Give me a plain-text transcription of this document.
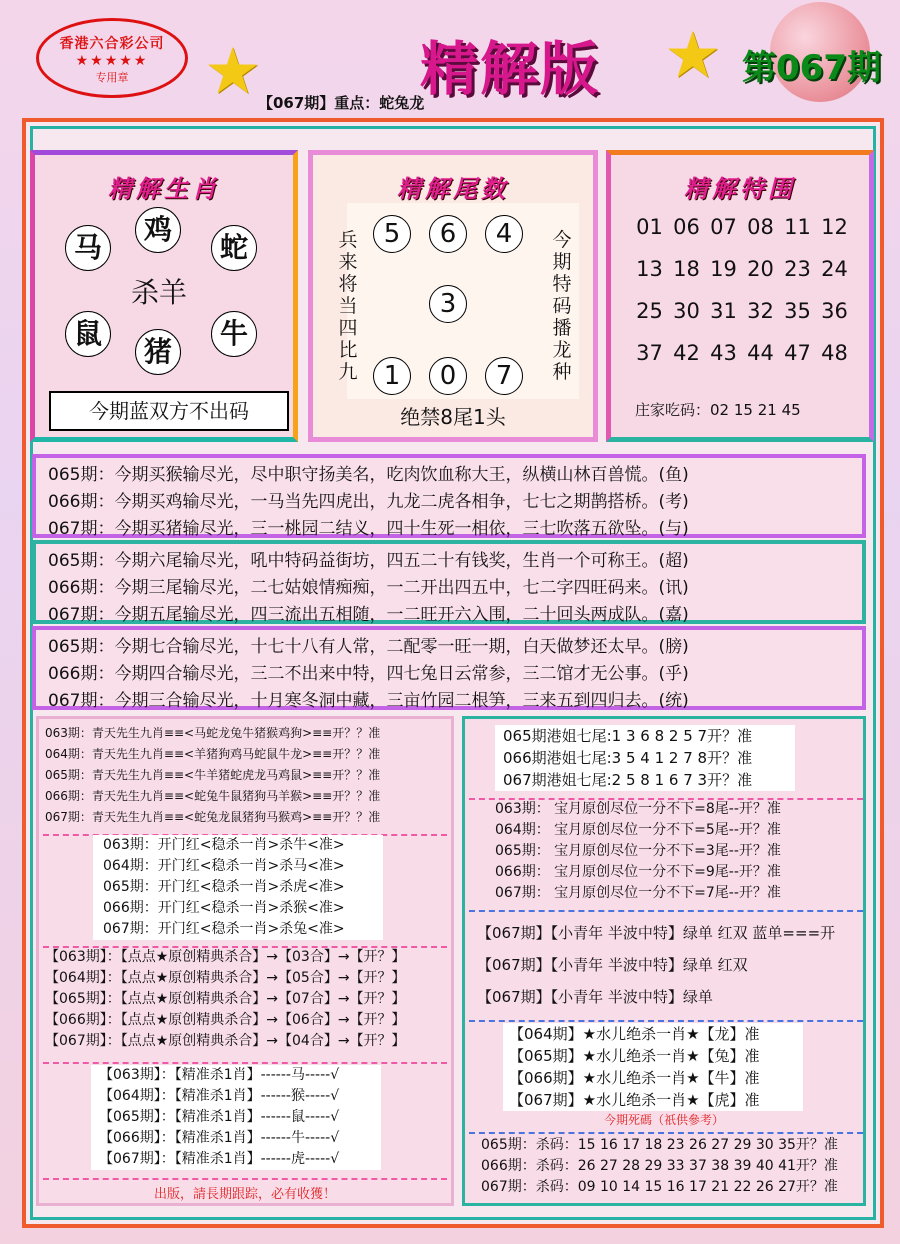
香港六合彩公司
★★★★★
专用章	★	精解版 ★ 第067期
【067期】重点：蛇兔龙
精解生肖
马
鸡
蛇
杀羊
鼠
猪
牛
今期蓝双方不出码
精解尾数
兵来将当四比九
今期特码播龙种
5	6	4
3
1	0	7
绝禁8尾1头
精解特围
01 06 07 08 11 12
13 18 19 20 23 24
25 30 31 32 35 36
37 42 43 44 47 48
庄家吃码：02 15 21 45
065期：今期买猴输尽光，尽中职守扬美名，吃肉饮血称大王，纵横山林百兽慌。(鱼)
066期：今期买鸡输尽光，一马当先四虎出，九龙二虎各相争，七七之期鹊搭桥。(考)
067期：今期买猪输尽光，三一桃园二结义，四十生死一相依，三七吹落五欲坠。(与)
065期：今期六尾输尽光，吼中特码益街坊，四五二十有钱奖，生肖一个可称王。(超)
066期：今期三尾输尽光，二七姑娘情痴痴，一二开出四五中，七二字四旺码来。(讯)
067期：今期五尾输尽光，四三流出五相随，一二旺开六入围，二十回头两成队。(嘉)
065期：今期七合输尽光，十七十八有人常，二配零一旺一期，白天做梦还太早。(膀)
066期：今期四合输尽光，三二不出来中特，四七兔日云常参，三二馆才无公事。(乎)
067期：今期三合输尽光，十月寒冬洞中藏，三亩竹园二根笋，三来五到四归去。(统)
063期：青天先生九肖≡≡<马蛇龙兔牛猪猴鸡狗>≡≡开？？准
064期：青天先生九肖≡≡<羊猪狗鸡马蛇鼠牛龙>≡≡开？？准
065期：青天先生九肖≡≡<牛羊猪蛇虎龙马鸡鼠>≡≡开？？准
066期：青天先生九肖≡≡<蛇兔牛鼠猪狗马羊猴>≡≡开？？准
067期：青天先生九肖≡≡<蛇兔龙鼠猪狗马猴鸡>≡≡开？？准
063期：开门红<稳杀一肖>杀牛<准>
064期：开门红<稳杀一肖>杀马<准>
065期：开门红<稳杀一肖>杀虎<准>
066期：开门红<稳杀一肖>杀猴<准>
067期：开门红<稳杀一肖>杀兔<准>
【063期】：【点点★原创精典杀合】→【03合】→【开？】
【064期】：【点点★原创精典杀合】→【05合】→【开？】
【065期】：【点点★原创精典杀合】→【07合】→【开？】
【066期】：【点点★原创精典杀合】→【06合】→【开？】
【067期】：【点点★原创精典杀合】→【04合】→【开？】
【063期】：【精准杀1肖】------马-----√
【064期】：【精准杀1肖】------猴-----√
【065期】：【精准杀1肖】------鼠-----√
【066期】：【精准杀1肖】------牛-----√
【067期】：【精准杀1肖】------虎-----√
出版，請長期跟踪，必有收獲！
065期港姐七尾:1 3 6 8 2 5 7开？准
066期港姐七尾:3 5 4 1 2 7 8开？准
067期港姐七尾:2 5 8 1 6 7 3开？准
063期： 宝月原创尽位一分不下=8尾--开？准
064期： 宝月原创尽位一分不下=5尾--开？准
065期： 宝月原创尽位一分不下=3尾--开？准
066期： 宝月原创尽位一分不下=9尾--开？准
067期： 宝月原创尽位一分不下=7尾--开？准
【067期】【小青年 半波中特】绿单 红双 蓝单===开
【067期】【小青年 半波中特】绿单 红双
【067期】【小青年 半波中特】绿单
【064期】★水儿绝杀一肖★【龙】准
【065期】★水儿绝杀一肖★【兔】准
【066期】★水儿绝杀一肖★【牛】准
【067期】★水儿绝杀一肖★【虎】准
今期死碼（祇供參考）
065期：杀码：15 16 17 18 23 26 27 29 30 35开？准
066期：杀码：26 27 28 29 33 37 38 39 40 41开？准
067期：杀码：09 10 14 15 16 17 21 22 26 27开？准
